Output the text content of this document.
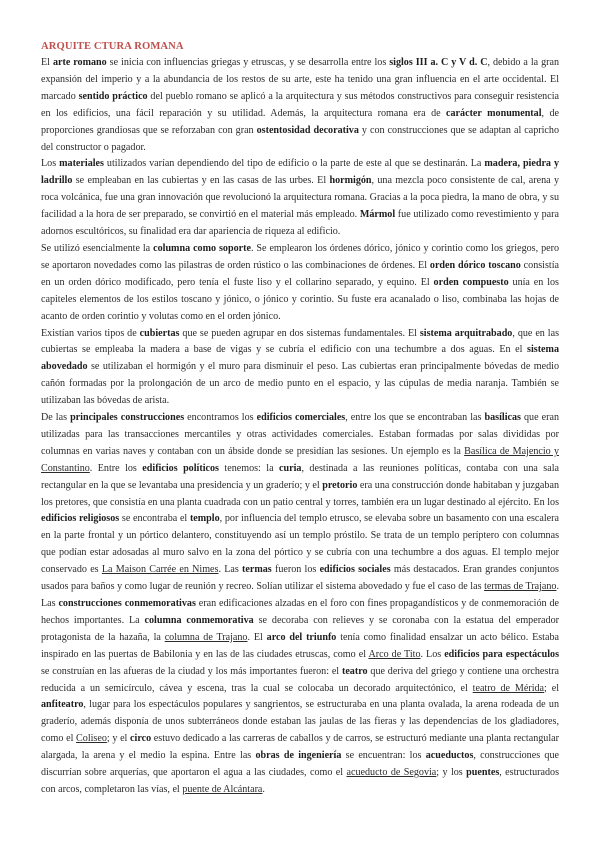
ARQUITE CTURA ROMANA

El arte romano se inicia con influencias griegas y etruscas, y se desarrolla entre los siglos III a. C y V d. C, debido a la gran expansión del imperio y a la abundancia de los restos de su arte, este ha tenido una gran influencia en el arte occidental. El marcado sentido práctico del pueblo romano se aplicó a la arquitectura y sus métodos constructivos para conseguir resistencia en los edificios, una fácil reparación y su utilidad. Además, la arquitectura romana era de carácter monumental, de proporciones grandiosas que se reforzaban con gran ostentosidad decorativa y con construcciones que se adaptan al capricho del constructor o pagador.

Los materiales utilizados varían dependiendo del tipo de edificio o la parte de este al que se destinarán. La madera, piedra y ladrillo se empleaban en las cubiertas y en las casas de las urbes. El hormigón, una mezcla poco consistente de cal, arena y roca volcánica, fue una gran innovación que revolucionó la arquitectura romana. Gracias a la poca piedra, la mano de obra, y su facilidad a la hora de ser preparado, se convirtió en el material más empleado. Mármol fue utilizado como revestimiento y para adornos escultóricos, su finalidad era dar apariencia de riqueza al edificio.

Se utilizó esencialmente la columna como soporte. Se emplearon los órdenes dórico, jónico y corintio como los griegos, pero se aportaron novedades como las pilastras de orden rústico o las combinaciones de órdenes. El orden dórico toscano consistía en un orden dórico modificado, pero tenía el fuste liso y el collarino separado, y equino. El orden compuesto unía en los capiteles elementos de los estilos toscano y jónico, o jónico y corintio. Su fuste era acanalado o liso, combinaba las hojas de acanto de orden corintio y volutas como en el orden jónico.

Existían varios tipos de cubiertas que se pueden agrupar en dos sistemas fundamentales. El sistema arquitrabado, que en las cubiertas se empleaba la madera a base de vigas y se cubría el edificio con una techumbre a dos aguas. En el sistema abovedado se utilizaban el hormigón y el muro para disminuir el peso. Las cubiertas eran principalmente bóvedas de medio cañón formadas por la prolongación de un arco de medio punto en el espacio, y las cúpulas de media naranja. También se utilizaban las bóvedas de arista.

De las principales construcciones encontramos los edificios comerciales, entre los que se encontraban las basílicas que eran utilizadas para las transacciones mercantiles y otras actividades comerciales. Estaban formadas por salas divididas por columnas en varias naves y contaban con un ábside donde se presidían las sesiones. Un ejemplo es la Basílica de Majencio y Constantino. Entre los edificios políticos tenemos: la curia, destinada a las reuniones políticas, contaba con una sala rectangular en la que se levantaba una presidencia y un graderío; y el pretorio era una construcción donde habitaban y juzgaban los pretores, que consistía en una planta cuadrada con un patio central y torres, también era un lugar destinado al ejército. En los edificios religiosos se encontraba el templo, por influencia del templo etrusco, se elevaba sobre un basamento con una escalera en la parte frontal y un pórtico delantero, constituyendo así un templo próstilo. Se trata de un templo períptero con columnas que podían estar adosadas al muro salvo en la zona del pórtico y se cubría con una techumbre a dos aguas. El templo mejor conservado es La Maison Carrée en Nimes. Las termas fueron los edificios sociales más destacados. Eran grandes conjuntos usados para baños y como lugar de reunión y recreo. Solían utilizar el sistema abovedado y fue el caso de las termas de Trajano. Las construcciones conmemorativas eran edificaciones alzadas en el foro con fines propagandísticos y de conmemoración de hechos importantes. La columna conmemorativa se decoraba con relieves y se coronaba con la estatua del emperador protagonista de la hazaña, la columna de Trajano. El arco del triunfo tenía como finalidad ensalzar un acto bélico. Estaba inspirado en las puertas de Babilonia y en las de las ciudades etruscas, como el Arco de Tito. Los edificios para espectáculos se construían en las afueras de la ciudad y los más importantes fueron: el teatro que deriva del griego y contiene una orchestra reducida a un semicírculo, cávea y escena, tras la cual se colocaba un decorado arquitectónico, el teatro de Mérida; el anfiteatro, lugar para los espectáculos populares y sangrientos, se estructuraba en una planta ovalada, la arena rodeada de un graderío, además disponía de unos subterráneos donde estaban las jaulas de las fieras y las dependencias de los gladiadores, como el Coliseo; y el circo estuvo dedicado a las carreras de caballos y de carros, se estructuró mediante una planta rectangular alargada, la arena y el medio la espina. Entre las obras de ingeniería se encuentran: los acueductos, construcciones que discurrían sobre arquerías, que aportaron el agua a las ciudades, como el acueducto de Segovia; y los puentes, estructurados con arcos, completaron las vías, el puente de Alcántara.
